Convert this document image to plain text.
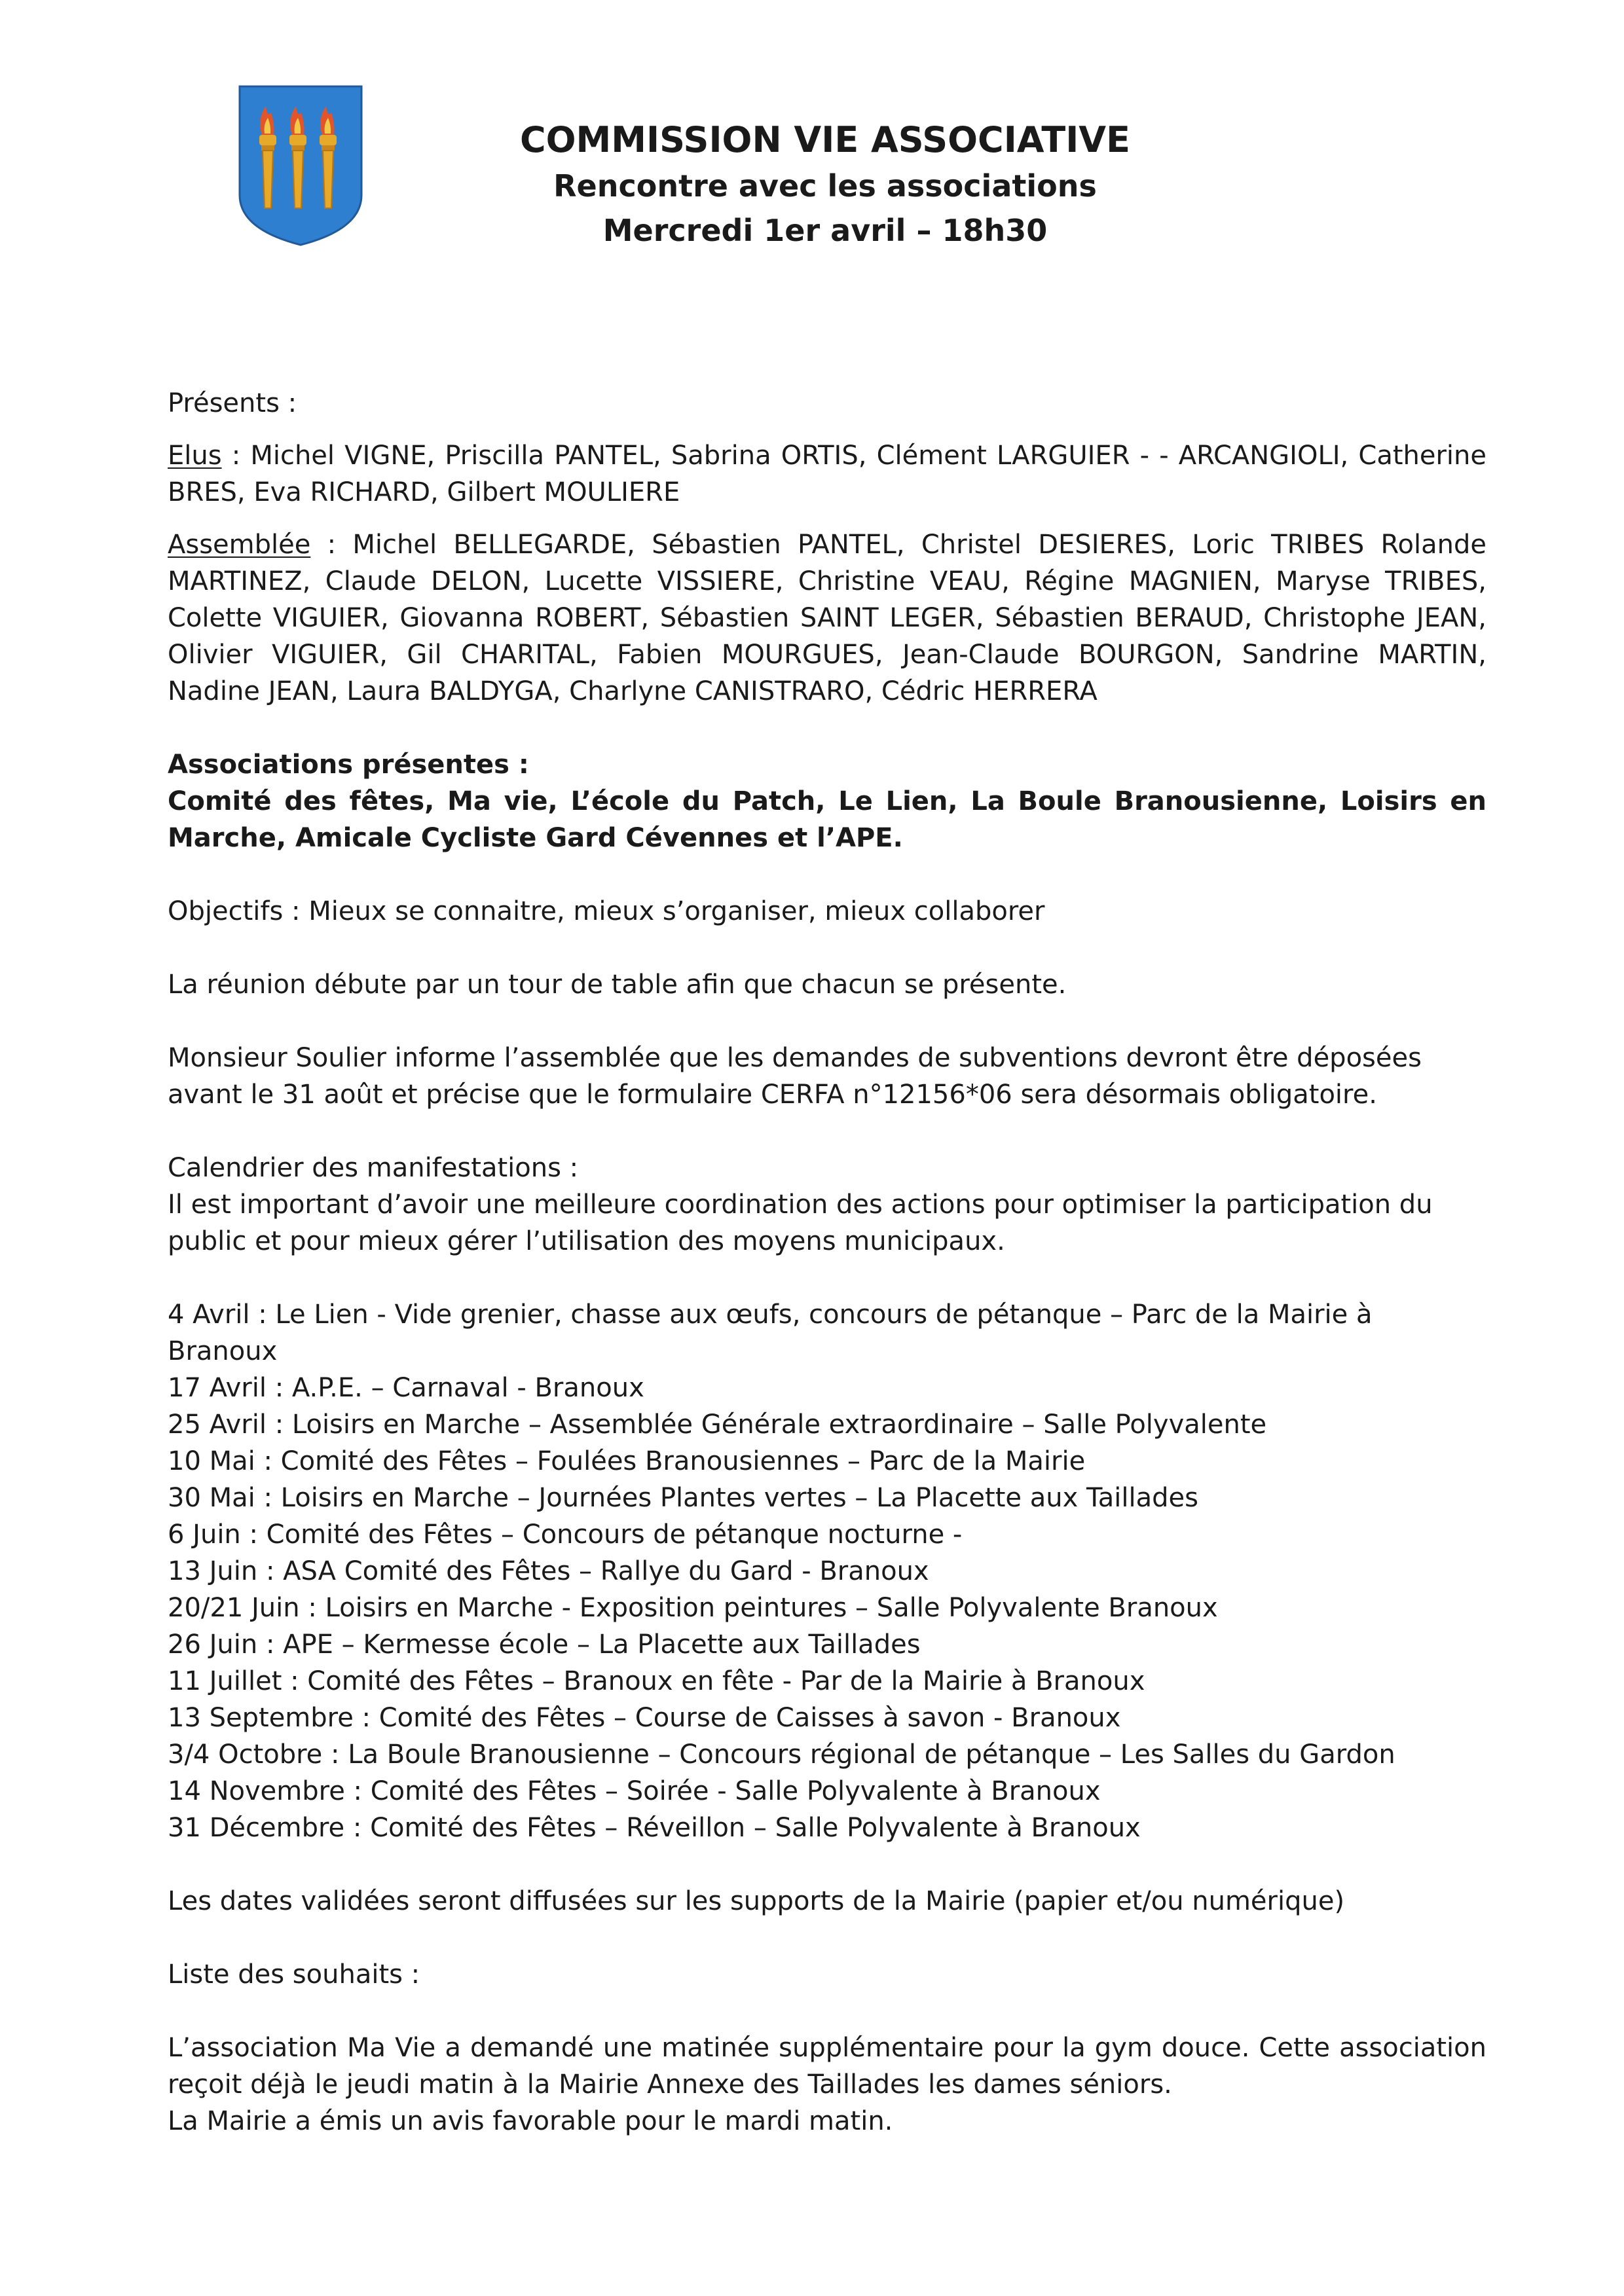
COMMISSION VIE ASSOCIATIVE
Rencontre avec les associations
Mercredi 1er avril – 18h30

Présents :

Elus : Michel VIGNE, Priscilla PANTEL, Sabrina ORTIS, Clément LARGUIER - - ARCANGIOLI, Catherine BRES, Eva RICHARD, Gilbert MOULIERE

Assemblée : Michel BELLEGARDE, Sébastien PANTEL, Christel DESIERES, Loric TRIBES Rolande MARTINEZ, Claude DELON, Lucette VISSIERE, Christine VEAU, Régine MAGNIEN, Maryse TRIBES, Colette VIGUIER, Giovanna ROBERT, Sébastien SAINT LEGER, Sébastien BERAUD, Christophe JEAN, Olivier VIGUIER, Gil CHARITAL, Fabien MOURGUES, Jean-Claude BOURGON, Sandrine MARTIN, Nadine JEAN, Laura BALDYGA, Charlyne CANISTRARO, Cédric HERRERA

Associations présentes :

Comité des fêtes, Ma vie, L’école du Patch, Le Lien, La Boule Branousienne, Loisirs en Marche, Amicale Cycliste Gard Cévennes et l’APE.

Objectifs : Mieux se connaitre, mieux s’organiser, mieux collaborer

La réunion débute par un tour de table afin que chacun se présente.

Monsieur Soulier informe l’assemblée que les demandes de subventions devront être déposées avant le 31 août et précise que le formulaire CERFA n°12156*06 sera désormais obligatoire.

Calendrier des manifestations :

Il est important d’avoir une meilleure coordination des actions pour optimiser la participation du public et pour mieux gérer l’utilisation des moyens municipaux.

4 Avril : Le Lien - Vide grenier, chasse aux œufs, concours de pétanque – Parc de la Mairie à Branoux
17 Avril : A.P.E. – Carnaval - Branoux
25 Avril : Loisirs en Marche – Assemblée Générale extraordinaire – Salle Polyvalente
10 Mai : Comité des Fêtes – Foulées Branousiennes – Parc de la Mairie
30 Mai : Loisirs en Marche – Journées Plantes vertes – La Placette aux Taillades
6 Juin : Comité des Fêtes – Concours de pétanque nocturne -
13 Juin : ASA Comité des Fêtes – Rallye du Gard - Branoux
20/21 Juin : Loisirs en Marche - Exposition peintures – Salle Polyvalente Branoux
26 Juin : APE – Kermesse école – La Placette aux Taillades
11 Juillet : Comité des Fêtes – Branoux en fête - Par de la Mairie à Branoux
13 Septembre : Comité des Fêtes – Course de Caisses à savon - Branoux
3/4 Octobre : La Boule Branousienne – Concours régional de pétanque – Les Salles du Gardon
14 Novembre : Comité des Fêtes – Soirée - Salle Polyvalente à Branoux
31 Décembre : Comité des Fêtes – Réveillon – Salle Polyvalente à Branoux

Les dates validées seront diffusées sur les supports de la Mairie (papier et/ou numérique)

Liste des souhaits :

L’association Ma Vie a demandé une matinée supplémentaire pour la gym douce. Cette association reçoit déjà le jeudi matin à la Mairie Annexe des Taillades les dames séniors.

La Mairie a émis un avis favorable pour le mardi matin.
